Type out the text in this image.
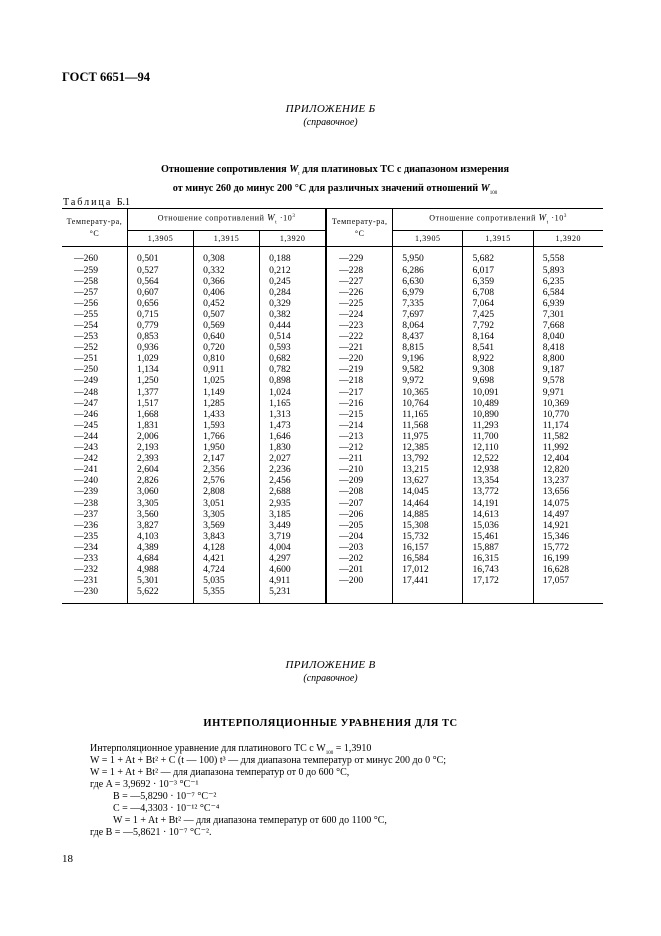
ГОСТ 6651—94
ПРИЛОЖЕНИЕ Б
(справочное)
Отношение сопротивления $W_t$ для платиновых ТС с диапазоном измерения
от минус 260 до минус 200 °С для различных значений отношений $W_{100}$
Таблица Б.1
Температу-ра, °С	Отношение сопротивлений $W_t \cdot 10^3$			Температу-ра, °С	Отношение сопротивлений $W_t \cdot 10^3$
	1,3905	1,3915	1,3920		1,3905	1,3915	1,3920
—260	0,501	0,308	0,188	—229	5,950	5,682	5,558
—259	0,527	0,332	0,212	—228	6,286	6,017	5,893
—258	0,564	0,366	0,245	—227	6,630	6,359	6,235
—257	0,607	0,406	0,284	—226	6,979	6,708	6,584
—256	0,656	0,452	0,329	—225	7,335	7,064	6,939
—255	0,715	0,507	0,382	—224	7,697	7,425	7,301
—254	0,779	0,569	0,444	—223	8,064	7,792	7,668
—253	0,853	0,640	0,514	—222	8,437	8,164	8,040
—252	0,936	0,720	0,593	—221	8,815	8,541	8,418
—251	1,029	0,810	0,682	—220	9,196	8,922	8,800
—250	1,134	0,911	0,782	—219	9,582	9,308	9,187
—249	1,250	1,025	0,898	—218	9,972	9,698	9,578
—248	1,377	1,149	1,024	—217	10,365	10,091	9,971
—247	1,517	1,285	1,165	—216	10,764	10,489	10,369
—246	1,668	1,433	1,313	—215	11,165	10,890	10,770
—245	1,831	1,593	1,473	—214	11,568	11,293	11,174
—244	2,006	1,766	1,646	—213	11,975	11,700	11,582
—243	2,193	1,950	1,830	—212	12,385	12,110	11,992
—242	2,393	2,147	2,027	—211	13,792	12,522	12,404
—241	2,604	2,356	2,236	—210	13,215	12,938	12,820
—240	2,826	2,576	2,456	—209	13,627	13,354	13,237
—239	3,060	2,808	2,688	—208	14,045	13,772	13,656
—238	3,305	3,051	2,935	—207	14,464	14,191	14,075
—237	3,560	3,305	3,185	—206	14,885	14,613	14,497
—236	3,827	3,569	3,449	—205	15,308	15,036	14,921
—235	4,103	3,843	3,719	—204	15,732	15,461	15,346
—234	4,389	4,128	4,004	—203	16,157	15,887	15,772
—233	4,684	4,421	4,297	—202	16,584	16,315	16,199
—232	4,988	4,724	4,600	—201	17,012	16,743	16,628
—231	5,301	5,035	4,911	—200	17,441	17,172	17,057
—230	5,622	5,355	5,231				
ПРИЛОЖЕНИЕ В
(справочное)
ИНТЕРПОЛЯЦИОННЫЕ УРАВНЕНИЯ ДЛЯ ТС
Интерполяционное уравнение для платинового ТС с $W_{100} = 1,3910$
W = 1 + At + Bt² + C (t — 100) t³ — для диапазона температур от минус 200 до 0 °С;
W = 1 + At + Bt² — для диапазона температур от 0 до 600 °С,
где A = 3,9692 · 10⁻³ °С⁻¹
B = —5,8290 · 10⁻⁷ °С⁻²
C = —4,3303 · 10⁻¹² °С⁻⁴
W = 1 + At + Bt² — для диапазона температур от 600 до 1100 °С,
где B = —5,8621 · 10⁻⁷ °С⁻².
18
